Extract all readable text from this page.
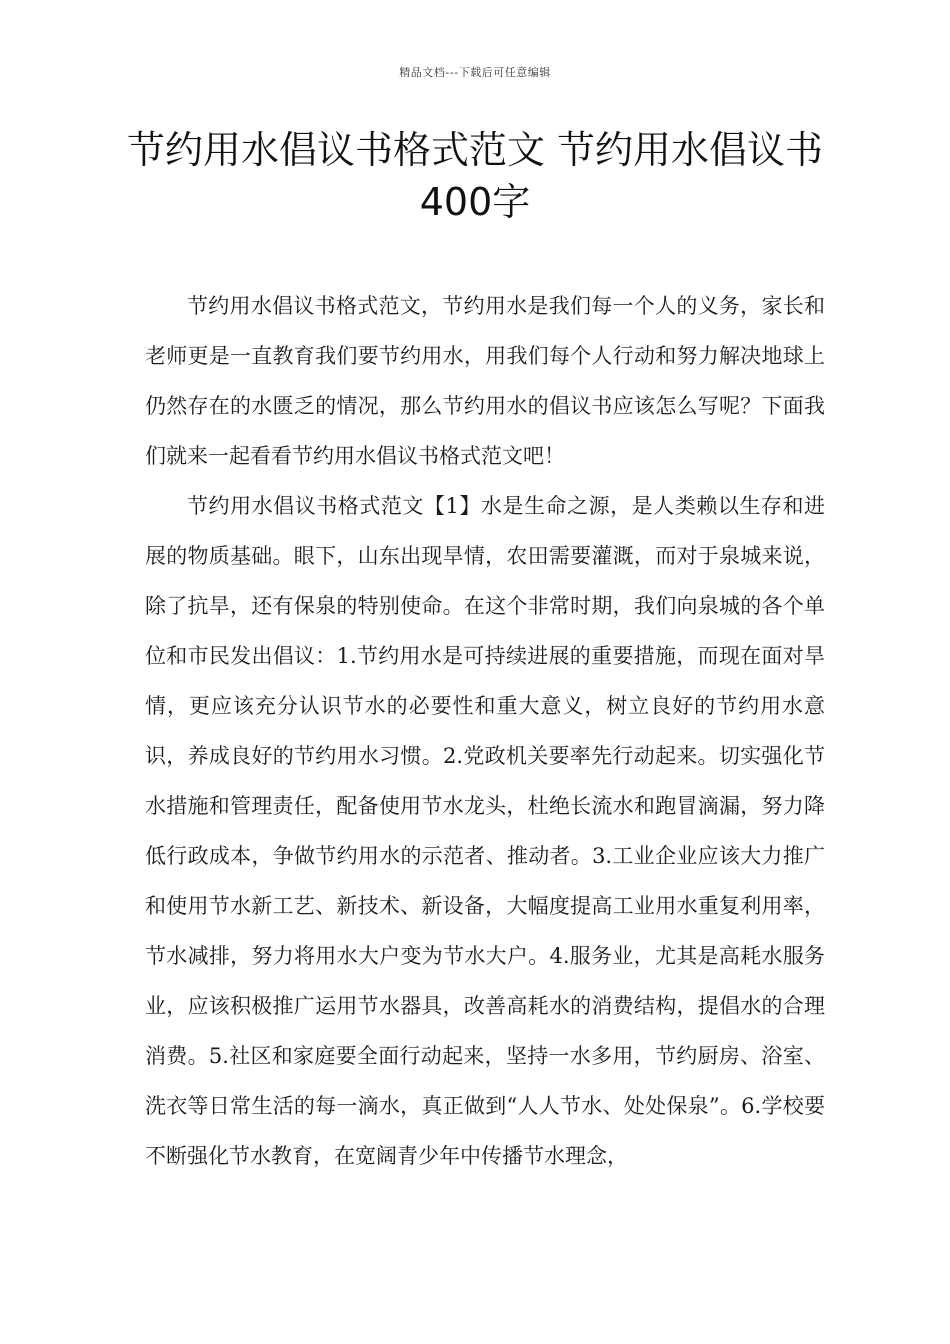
精品文档---下载后可任意编辑
节约用水倡议书格式范文 节约用水倡议书400字

节约用水倡议书格式范文，节约用水是我们每一个人的义务，家长和老师更是一直教育我们要节约用水，用我们每个人行动和努力解决地球上仍然存在的水匮乏的情况，那么节约用水的倡议书应该怎么写呢？下面我们就来一起看看节约用水倡议书格式范文吧！

节约用水倡议书格式范文【1】水是生命之源，是人类赖以生存和进展的物质基础。眼下，山东出现旱情，农田需要灌溉，而对于泉城来说，除了抗旱，还有保泉的特别使命。在这个非常时期，我们向泉城的各个单位和市民发出倡议：1.节约用水是可持续进展的重要措施，而现在面对旱情，更应该充分认识节水的必要性和重大意义，树立良好的节约用水意识，养成良好的节约用水习惯。2.党政机关要率先行动起来。切实强化节水措施和管理责任，配备使用节水龙头，杜绝长流水和跑冒滴漏，努力降低行政成本，争做节约用水的示范者、推动者。3.工业企业应该大力推广和使用节水新工艺、新技术、新设备，大幅度提高工业用水重复利用率，节水减排，努力将用水大户变为节水大户。4.服务业，尤其是高耗水服务业，应该积极推广运用节水器具，改善高耗水的消费结构，提倡水的合理消费。5.社区和家庭要全面行动起来，坚持一水多用，节约厨房、浴室、洗衣等日常生活的每一滴水，真正做到“人人节水、处处保泉”。6.学校要不断强化节水教育，在宽阔青少年中传播节水理念，
